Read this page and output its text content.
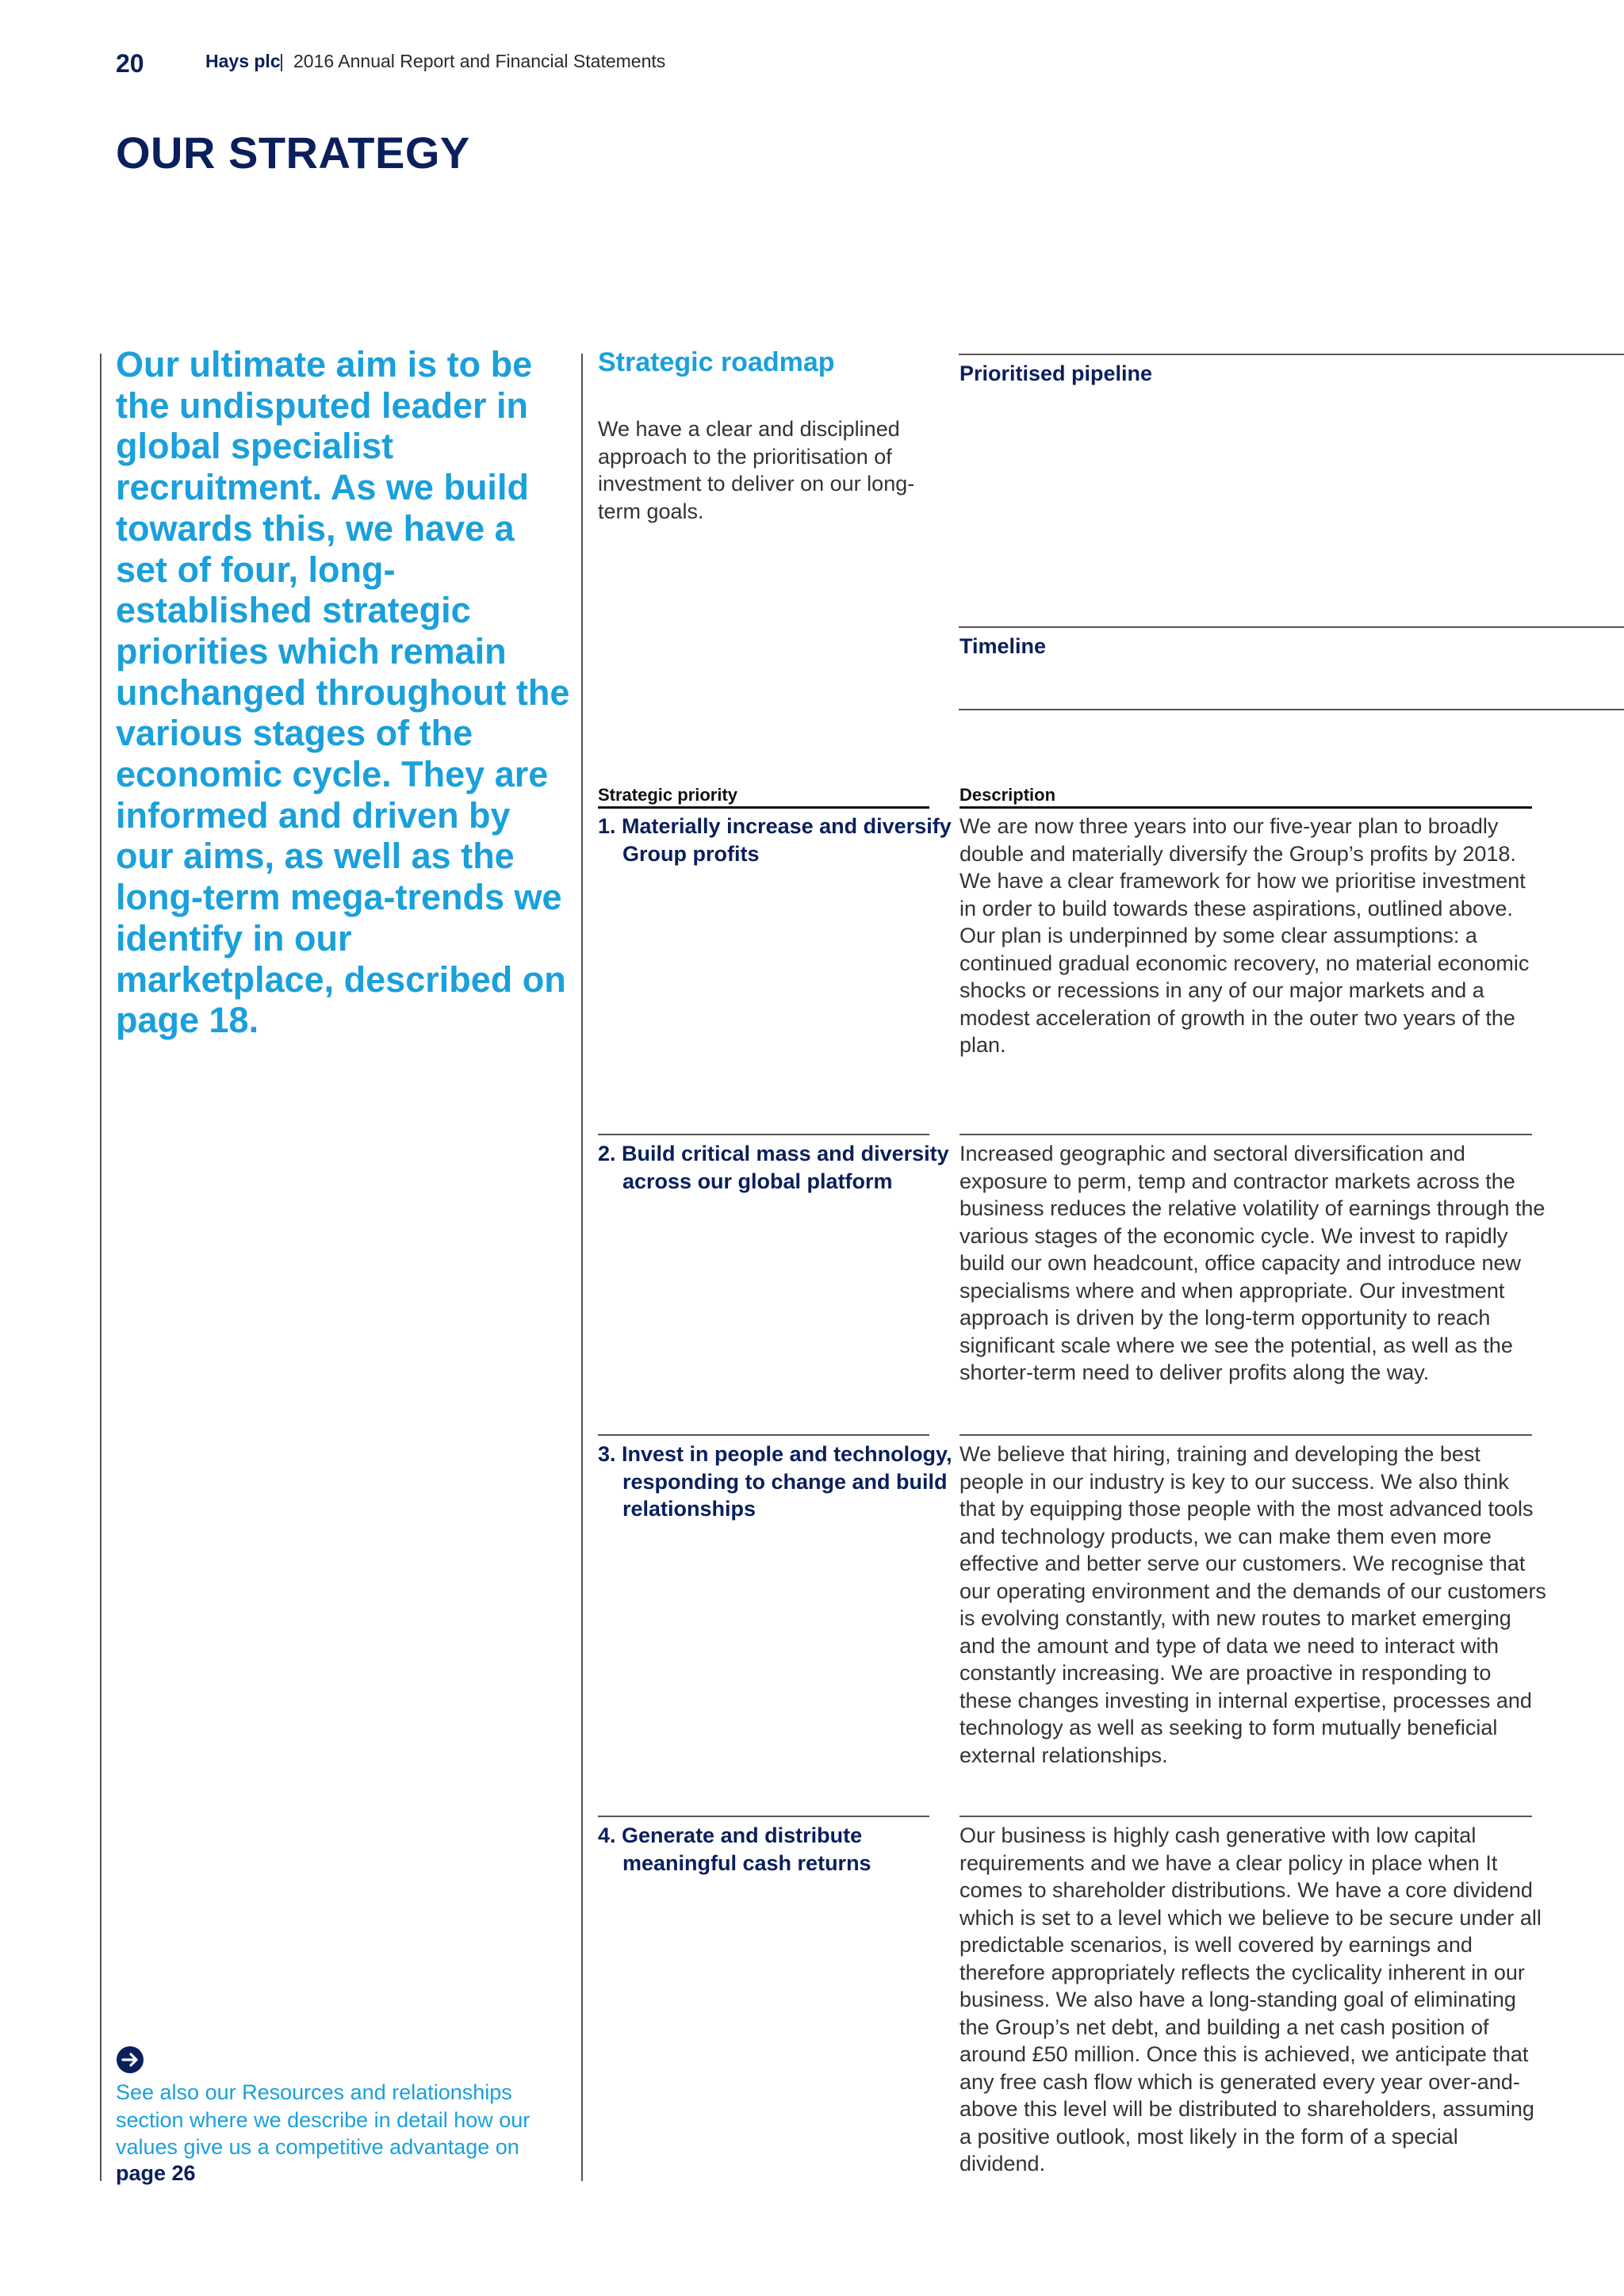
20	Hays plc
| 2016 Annual Report and Financial Statements
OUR STRATEGY

Our ultimate aim is to be the undisputed leader in global specialist recruitment. As we build towards this, we have a set of four, long-established strategic priorities which remain unchanged throughout the various stages of the economic cycle. They are informed and driven by our aims, as well as the long-term mega-trends we identify in our marketplace, described on page 18.

Strategic roadmap

We have a clear and disciplined approach to the prioritisation of investment to deliver on our long-term goals.

Prioritised pipeline
Timeline
Strategic priority	Description

1. Materially increase and diversify Group profits

We are now three years into our five-year plan to broadly double and materially diversify the Group’s profits by 2018. We have a clear framework for how we prioritise investment in order to build towards these aspirations, outlined above. Our plan is underpinned by some clear assumptions: a continued gradual economic recovery, no material economic shocks or recessions in any of our major markets and a modest acceleration of growth in the outer two years of the plan.

2. Build critical mass and diversity across our global platform

Increased geographic and sectoral diversification and exposure to perm, temp and contractor markets across the business reduces the relative volatility of earnings through the various stages of the economic cycle. We invest to rapidly build our own headcount, office capacity and introduce new specialisms where and when appropriate. Our investment approach is driven by the long-term opportunity to reach significant scale where we see the potential, as well as the shorter-term need to deliver profits along the way.

3. Invest in people and technology, responding to change and build relationships

We believe that hiring, training and developing the best people in our industry is key to our success. We also think that by equipping those people with the most advanced tools and technology products, we can make them even more effective and better serve our customers. We recognise that our operating environment and the demands of our customers is evolving constantly, with new routes to market emerging and the amount and type of data we need to interact with constantly increasing. We are proactive in responding to these changes investing in internal expertise, processes and technology as well as seeking to form mutually beneficial external relationships.

4. Generate and distribute meaningful cash returns

Our business is highly cash generative with low capital requirements and we have a clear policy in place when It comes to shareholder distributions. We have a core dividend which is set to a level which we believe to be secure under all predictable scenarios, is well covered by earnings and therefore appropriately reflects the cyclicality inherent in our business. We also have a long-standing goal of eliminating the Group’s net debt, and building a net cash position of around £50 million. Once this is achieved, we anticipate that any free cash flow which is generated every year over-and-above this level will be distributed to shareholders, assuming a positive outlook, most likely in the form of a special dividend.

See also our Resources and relationships section where we describe in detail how our values give us a competitive advantage on

page 26
